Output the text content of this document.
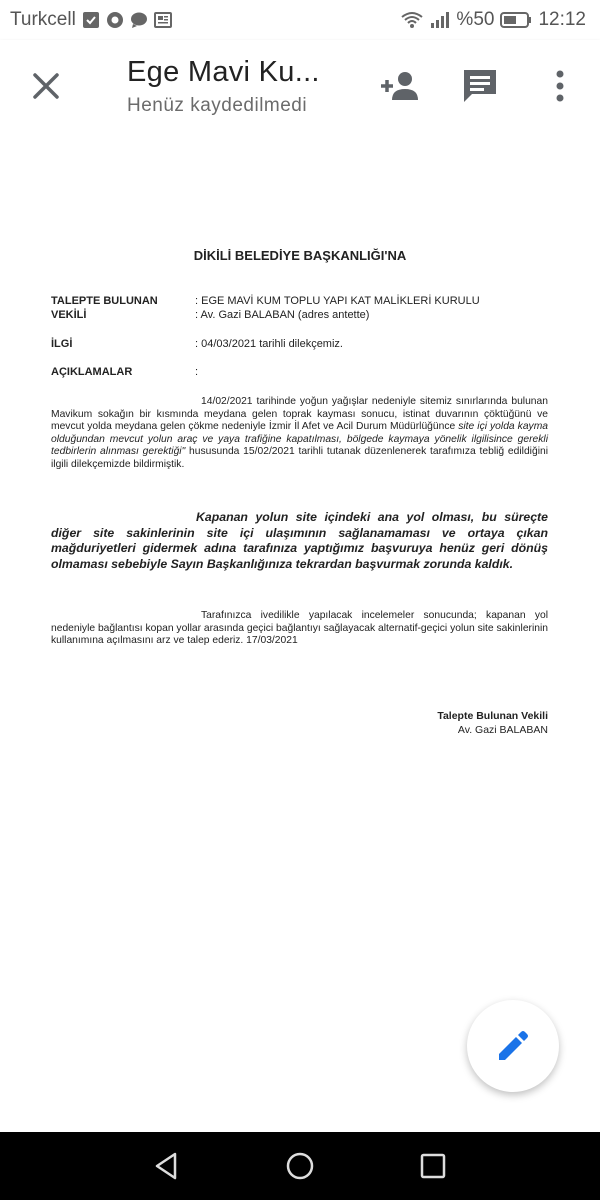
Turkcell	%50 12:12
Ege Mavi Ku...
Henüz kaydedilmedi
DİKİLİ BELEDİYE BAŞKANLIĞI'NA
TALEPTE BULUNAN	: EGE MAVİ KUM TOPLU YAPI KAT MALİKLERİ KURULU
VEKİLİ	: Av. Gazi BALABAN (adres antette)
İLGİ	: 04/03/2021 tarihli dilekçemiz.
AÇIKLAMALAR	:
14/02/2021 tarihinde yoğun yağışlar nedeniyle sitemiz sınırlarında bulunan Mavikum sokağın bir kısmında meydana gelen toprak kayması sonucu, istinat duvarının çöktüğünü ve mevcut yolda meydana gelen çökme nedeniyle İzmir İl Afet ve Acil Durum Müdürlüğünce site içi yolda kayma olduğundan mevcut yolun araç ve yaya trafiğine kapatılması, bölgede kaymaya yönelik ilgilisince gerekli tedbirlerin alınması gerektiği" hususunda 15/02/2021 tarihli tutanak düzenlenerek tarafımıza tebliğ edildiğini ilgili dilekçemizde bildirmiştik.
Kapanan yolun site içindeki ana yol olması, bu süreçte diğer site sakinlerinin site içi ulaşımının sağlanamaması ve ortaya çıkan mağduriyetleri gidermek adına tarafınıza yaptığımız başvuruya henüz geri dönüş olmaması sebebiyle Sayın Başkanlığınıza tekrardan başvurmak zorunda kaldık.
Tarafınızca ivedilikle yapılacak incelemeler sonucunda; kapanan yol nedeniyle bağlantısı kopan yollar arasında geçici bağlantıyı sağlayacak alternatif-geçici yolun site sakinlerinin kullanımına açılmasını arz ve talep ederiz. 17/03/2021
Talepte Bulunan Vekili
Av. Gazi BALABAN
